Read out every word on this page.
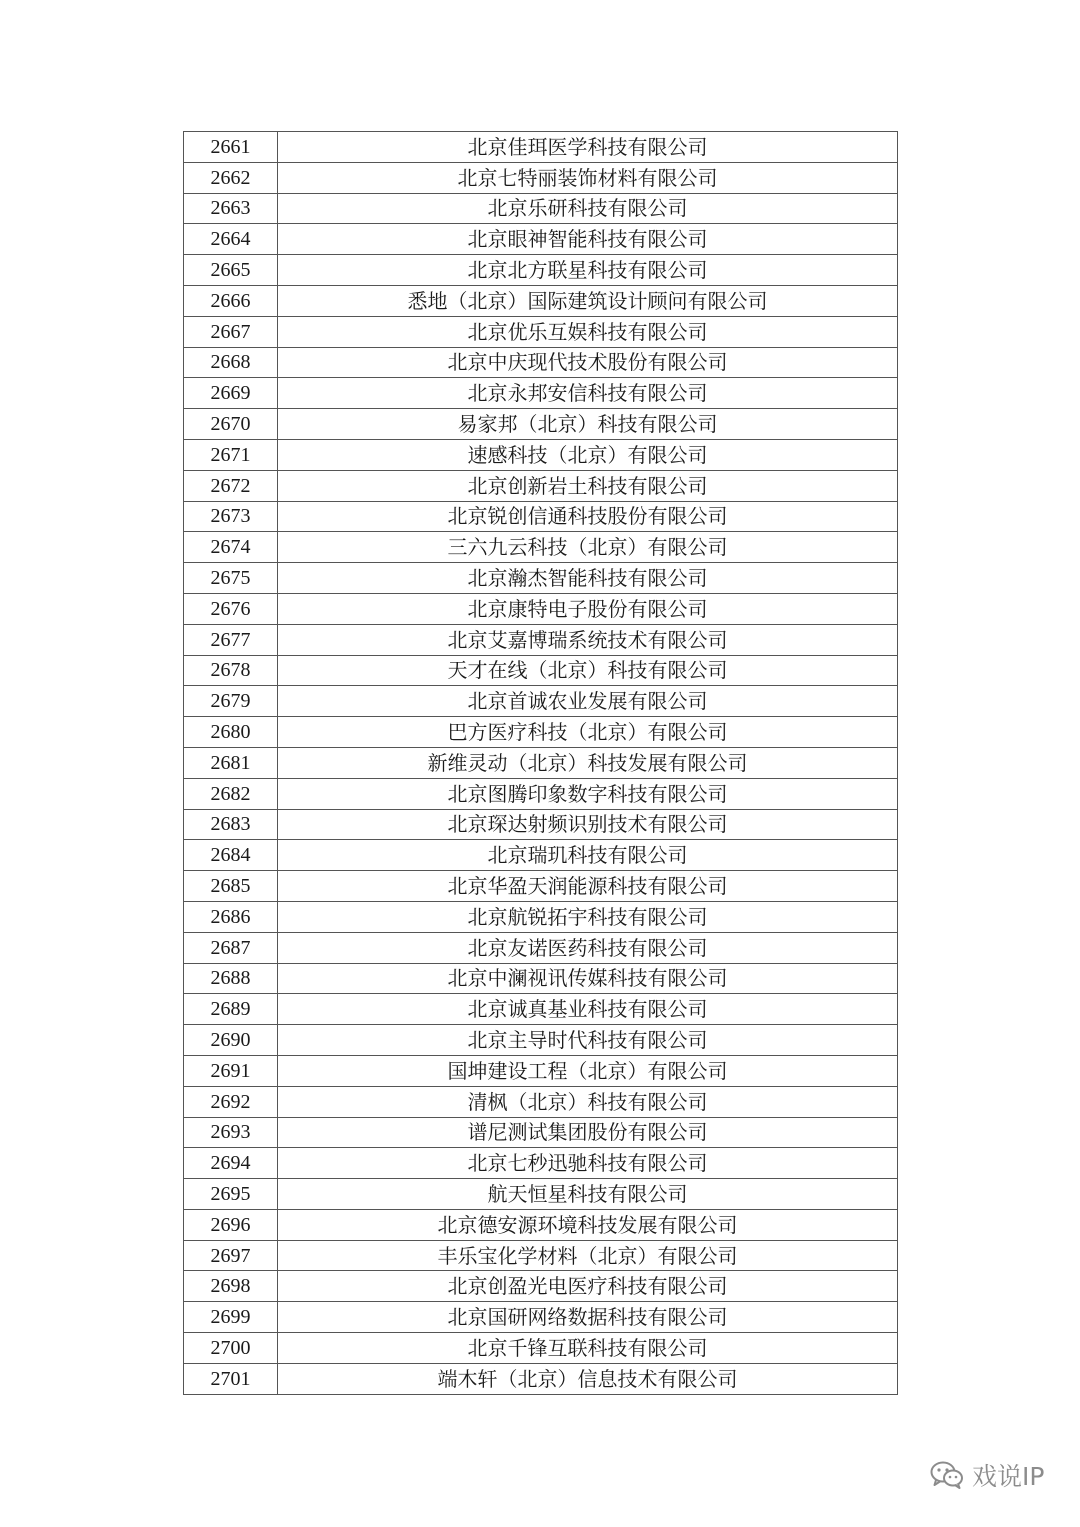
2661	北京佳珥医学科技有限公司
2662	北京七特丽装饰材料有限公司
2663	北京乐研科技有限公司
2664	北京眼神智能科技有限公司
2665	北京北方联星科技有限公司
2666	悉地（北京）国际建筑设计顾问有限公司
2667	北京优乐互娱科技有限公司
2668	北京中庆现代技术股份有限公司
2669	北京永邦安信科技有限公司
2670	易家邦（北京）科技有限公司
2671	速感科技（北京）有限公司
2672	北京创新岩土科技有限公司
2673	北京锐创信通科技股份有限公司
2674	三六九云科技（北京）有限公司
2675	北京瀚杰智能科技有限公司
2676	北京康特电子股份有限公司
2677	北京艾嘉博瑞系统技术有限公司
2678	天才在线（北京）科技有限公司
2679	北京首诚农业发展有限公司
2680	巴方医疗科技（北京）有限公司
2681	新维灵动（北京）科技发展有限公司
2682	北京图腾印象数字科技有限公司
2683	北京琛达射频识别技术有限公司
2684	北京瑞玑科技有限公司
2685	北京华盈天润能源科技有限公司
2686	北京航锐拓宇科技有限公司
2687	北京友诺医药科技有限公司
2688	北京中澜视讯传媒科技有限公司
2689	北京诚真基业科技有限公司
2690	北京主导时代科技有限公司
2691	国坤建设工程（北京）有限公司
2692	清枫（北京）科技有限公司
2693	谱尼测试集团股份有限公司
2694	北京七秒迅驰科技有限公司
2695	航天恒星科技有限公司
2696	北京德安源环境科技发展有限公司
2697	丰乐宝化学材料（北京）有限公司
2698	北京创盈光电医疗科技有限公司
2699	北京国研网络数据科技有限公司
2700	北京千锋互联科技有限公司
2701	端木轩（北京）信息技术有限公司
戏说IP
